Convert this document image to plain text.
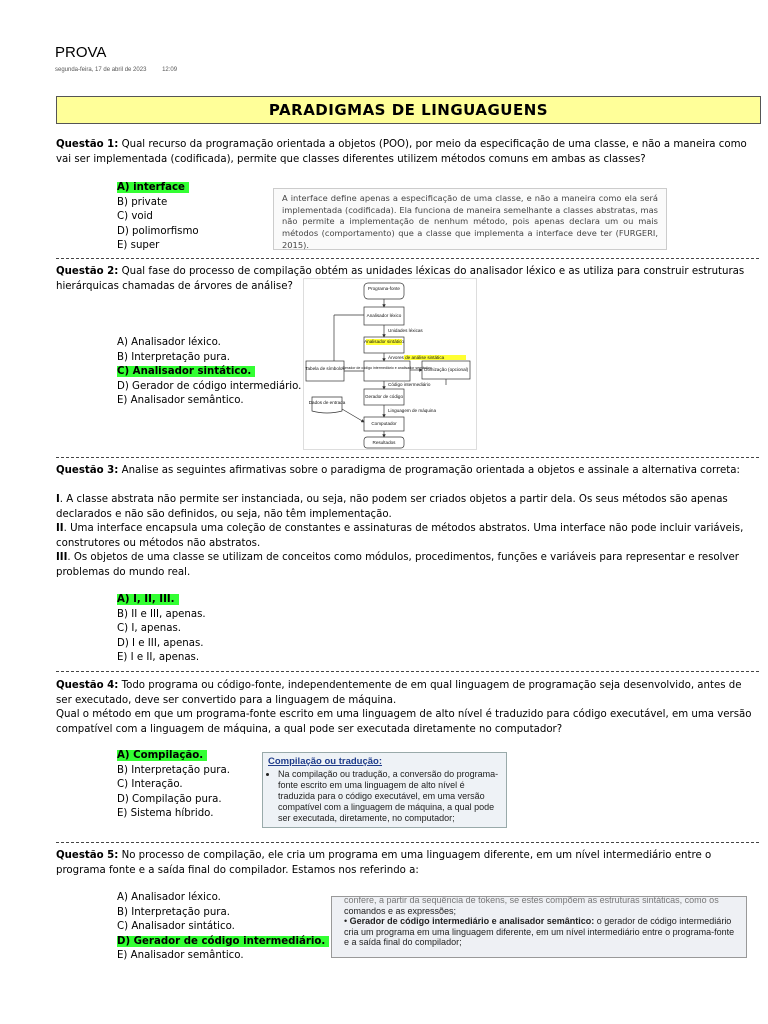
PROVA
segunda-feira, 17 de abril de 2023	12:09
PARADIGMAS DE LINGUAGUENS
Questão 1: Qual recurso da programação orientada a objetos (POO), por meio da especificação de uma classe, e não a maneira como vai ser implementada (codificada), permite que classes diferentes utilizem métodos comuns em ambas as classes?
A) interface
B) private
C) void
D) polimorfismo
E) super
A interface define apenas a especificação de uma classe, e não a maneira como ela será implementada (codificada). Ela funciona de maneira semelhante a classes abstratas, mas não permite a implementação de nenhum método, pois apenas declara um ou mais métodos (comportamento) que a classe que implementa a interface deve ter (FURGERI, 2015).
Questão 2: Qual fase do processo de compilação obtém as unidades léxicas do analisador léxico e as utiliza para construir estruturas hierárquicas chamadas de árvores de análise?
A) Analisador léxico.
B) Interpretação pura.
C) Analisador sintático.
D) Gerador de código intermediário.
E) Analisador semântico.
Programa-fonte
Analisador léxico
Unidades léxicas
Analisador sintático
Árvores de análise sintática
Tabela de símbolos
Gerador de código intermediário e analisador semântico
Otimização (opcional)
Código intermediário
Gerador de código
Dados de entrada
Linguagem de máquina
Computador
Resultados
Questão 3: Analise as seguintes afirmativas sobre o paradigma de programação orientada a objetos e assinale a alternativa correta:
I. A classe abstrata não permite ser instanciada, ou seja, não podem ser criados objetos a partir dela. Os seus métodos são apenas declarados e não são definidos, ou seja, não têm implementação.
II. Uma interface encapsula uma coleção de constantes e assinaturas de métodos abstratos. Uma interface não pode incluir variáveis, construtores ou métodos não abstratos.
III. Os objetos de uma classe se utilizam de conceitos como módulos, procedimentos, funções e variáveis para representar e resolver problemas do mundo real.
A) I, II, III.
B) II e III, apenas.
C) I, apenas.
D) I e III, apenas.
E) I e II, apenas.
Questão 4: Todo programa ou código-fonte, independentemente de em qual linguagem de programação seja desenvolvido, antes de ser executado, deve ser convertido para a linguagem de máquina.
Qual o método em que um programa-fonte escrito em uma linguagem de alto nível é traduzido para código executável, em uma versão compatível com a linguagem de máquina, a qual pode ser executada diretamente no computador?
A) Compilação.
B) Interpretação pura.
C) Interação.
D) Compilação pura.
E) Sistema híbrido.
Compilação ou tradução:
• Na compilação ou tradução, a conversão do programa-fonte escrito em uma linguagem de alto nível é traduzida para o código executável, em uma versão compatível com a linguagem de máquina, a qual pode ser executada, diretamente, no computador;
Questão 5: No processo de compilação, ele cria um programa em uma linguagem diferente, em um nível intermediário entre o programa fonte e a saída final do compilador. Estamos nos referindo a:
A) Analisador léxico.
B) Interpretação pura.
C) Analisador sintático.
D) Gerador de código intermediário.
E) Analisador semântico.
confere, a partir da sequência de tokens, se estes compõem as estruturas sintáticas, como os
comandos e as expressões;
• Gerador de código intermediário e analisador semântico: o gerador de código intermediário cria um programa em uma linguagem diferente, em um nível intermediário entre o programa-fonte e a saída final do compilador;
